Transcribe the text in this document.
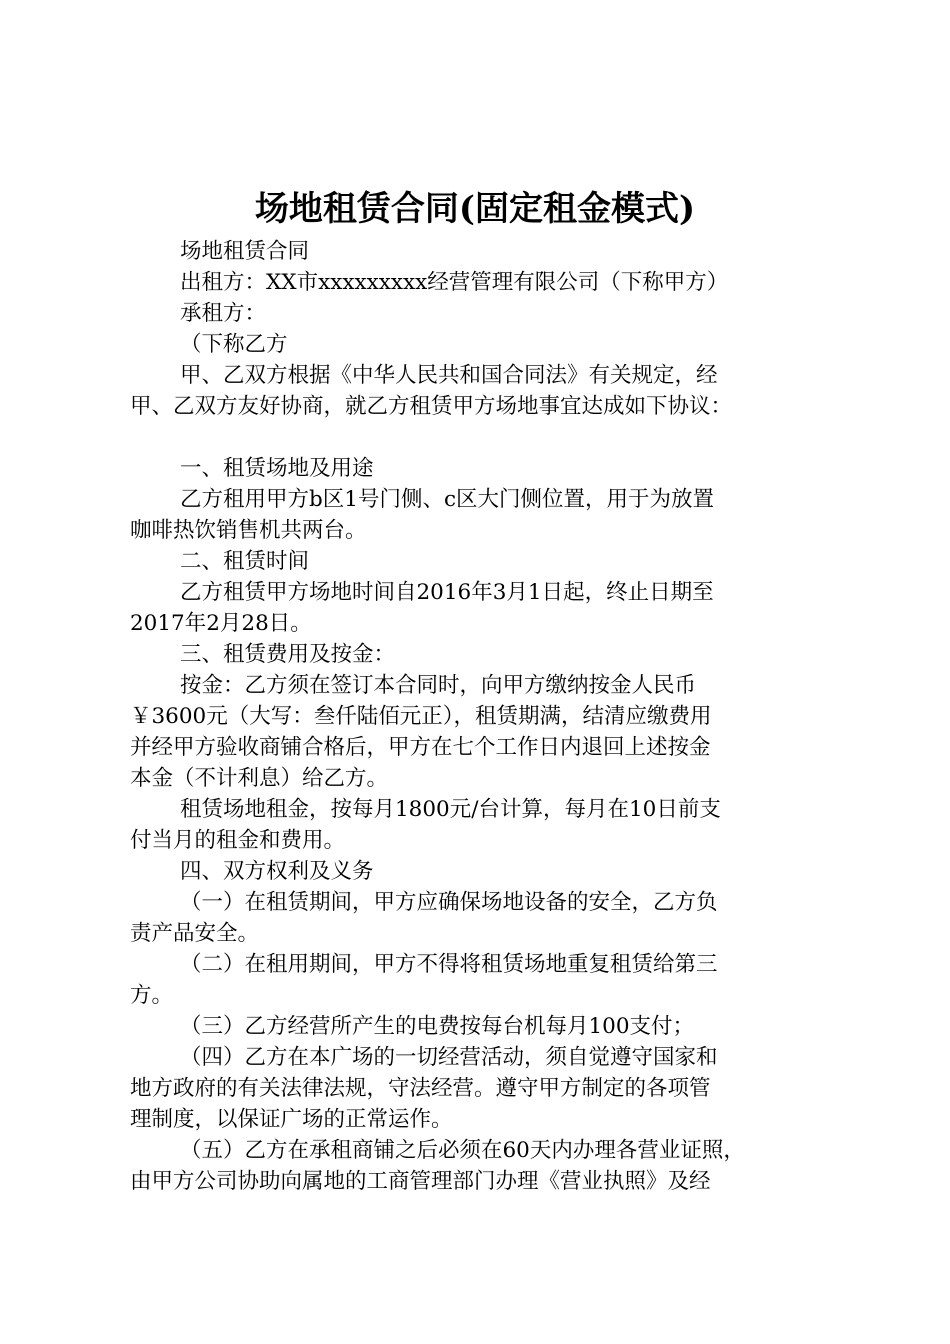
场地租赁合同(固定租金模式)

场地租赁合同

出租方：XX市xxxxxxxxx经营管理有限公司（下称甲方）

承租方：

（下称乙方

甲、乙双方根据《中华人民共和国合同法》有关规定，经

甲、乙双方友好协商，就乙方租赁甲方场地事宜达成如下协议：

一、租赁场地及用途

乙方租用甲方b区1号门侧、c区大门侧位置，用于为放置

咖啡热饮销售机共两台。

二、租赁时间

乙方租赁甲方场地时间自2016年3月1日起，终止日期至

2017年2月28日。

三、租赁费用及按金：

按金：乙方须在签订本合同时，向甲方缴纳按金人民币

￥3600元（大写：叁仟陆佰元正），租赁期满，结清应缴费用

并经甲方验收商铺合格后，甲方在七个工作日内退回上述按金

本金（不计利息）给乙方。

租赁场地租金，按每月1800元/台计算，每月在10日前支

付当月的租金和费用。

四、双方权利及义务

（一）在租赁期间，甲方应确保场地设备的安全，乙方负

责产品安全。

（二）在租用期间，甲方不得将租赁场地重复租赁给第三

方。

（三）乙方经营所产生的电费按每台机每月100支付；

（四）乙方在本广场的一切经营活动，须自觉遵守国家和

地方政府的有关法律法规，守法经营。遵守甲方制定的各项管

理制度，以保证广场的正常运作。

（五）乙方在承租商铺之后必须在60天内办理各营业证照，

由甲方公司协助向属地的工商管理部门办理《营业执照》及经
